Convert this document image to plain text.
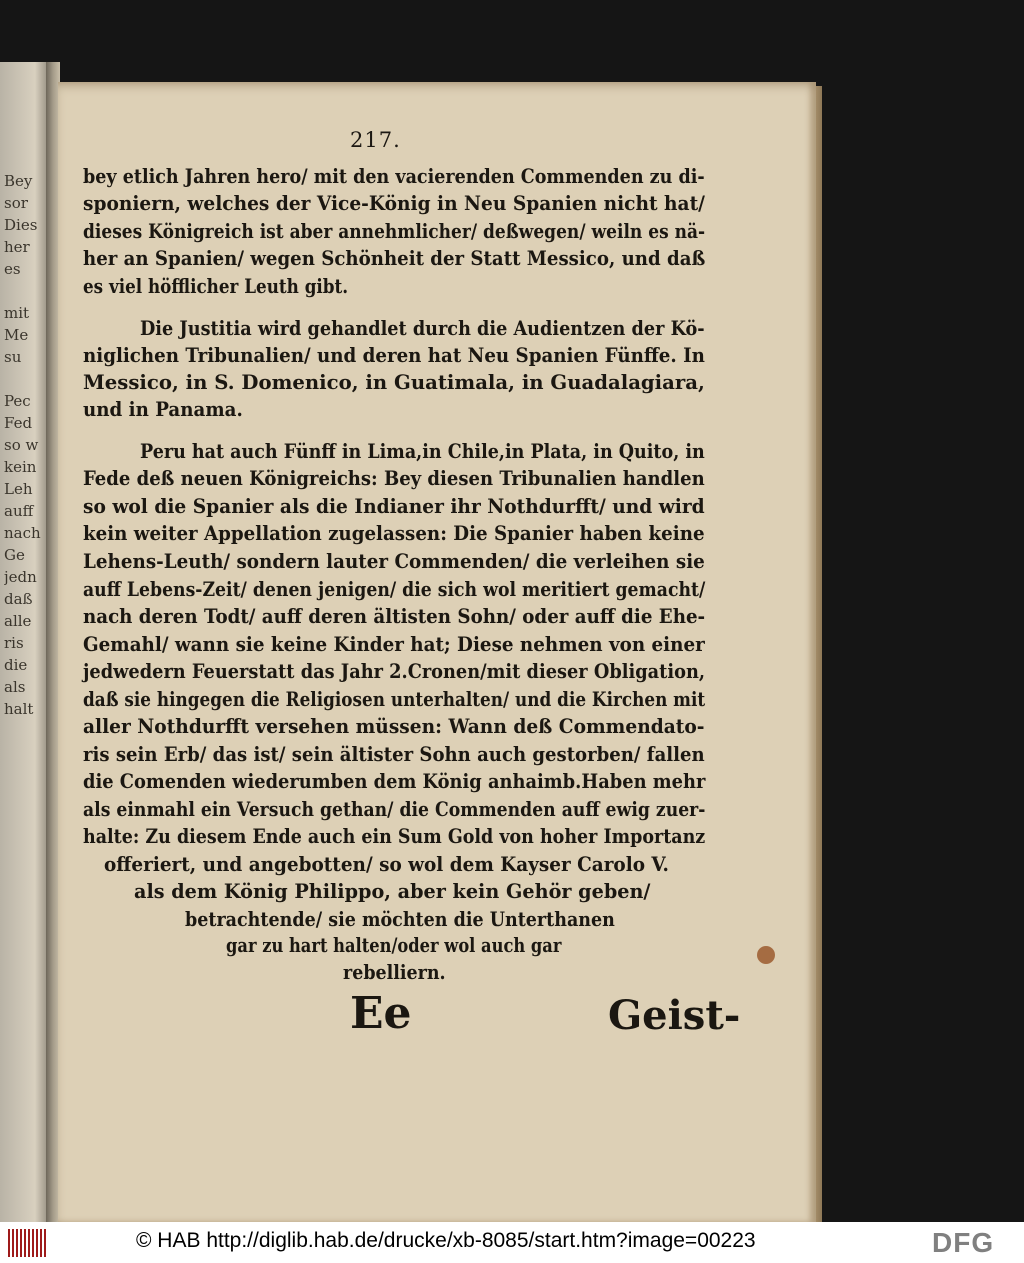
Bey
sor
Dies
her
es
mit
Me
su
Pec
Fed
so w
kein
Leh
auff
nach
Ge
jedn
daß
alle
ris
die
als
halt
217.
bey etlich Jahren hero/ mit den vacierenden Commenden zu di-
sponiern, welches der Vice-König in Neu Spanien nicht hat/
dieses Königreich ist aber annehmlicher/ deßwegen/ weiln es nä-
her an Spanien/ wegen Schönheit der Statt Messico, und daß
es viel höfflicher Leuth gibt.
Die Justitia wird gehandlet durch die Audientzen der Kö-
niglichen Tribunalien/ und deren hat Neu Spanien Fünffe. In
Messico, in S. Domenico, in Guatimala, in Guadalagiara,
und in Panama.
Peru hat auch Fünff in Lima,in Chile,in Plata, in Quito, in
Fede deß neuen Königreichs: Bey diesen Tribunalien handlen
so wol die Spanier als die Indianer ihr Nothdurfft/ und wird
kein weiter Appellation zugelassen: Die Spanier haben keine
Lehens-Leuth/ sondern lauter Commenden/ die verleihen sie
auff Lebens-Zeit/ denen jenigen/ die sich wol meritiert gemacht/
nach deren Todt/ auff deren ältisten Sohn/ oder auff die Ehe-
Gemahl/ wann sie keine Kinder hat; Diese nehmen von einer
jedwedern Feuerstatt das Jahr 2.Cronen/mit dieser Obligation,
daß sie hingegen die Religiosen unterhalten/ und die Kirchen mit
aller Nothdurfft versehen müssen: Wann deß Commendato-
ris sein Erb/ das ist/ sein ältister Sohn auch gestorben/ fallen
die Comenden wiederumben dem König anhaimb.Haben mehr
als einmahl ein Versuch gethan/ die Commenden auff ewig zuer-
halte: Zu diesem Ende auch ein Sum Gold von hoher Importanz
offeriert, und angebotten/ so wol dem Kayser Carolo V.
als dem König Philippo, aber kein Gehör geben/
betrachtende/ sie möchten die Unterthanen
gar zu hart halten/oder wol auch gar
rebelliern.
Ee	Geist-
© HAB http://diglib.hab.de/drucke/xb-8085/start.htm?image=00223	DFG
